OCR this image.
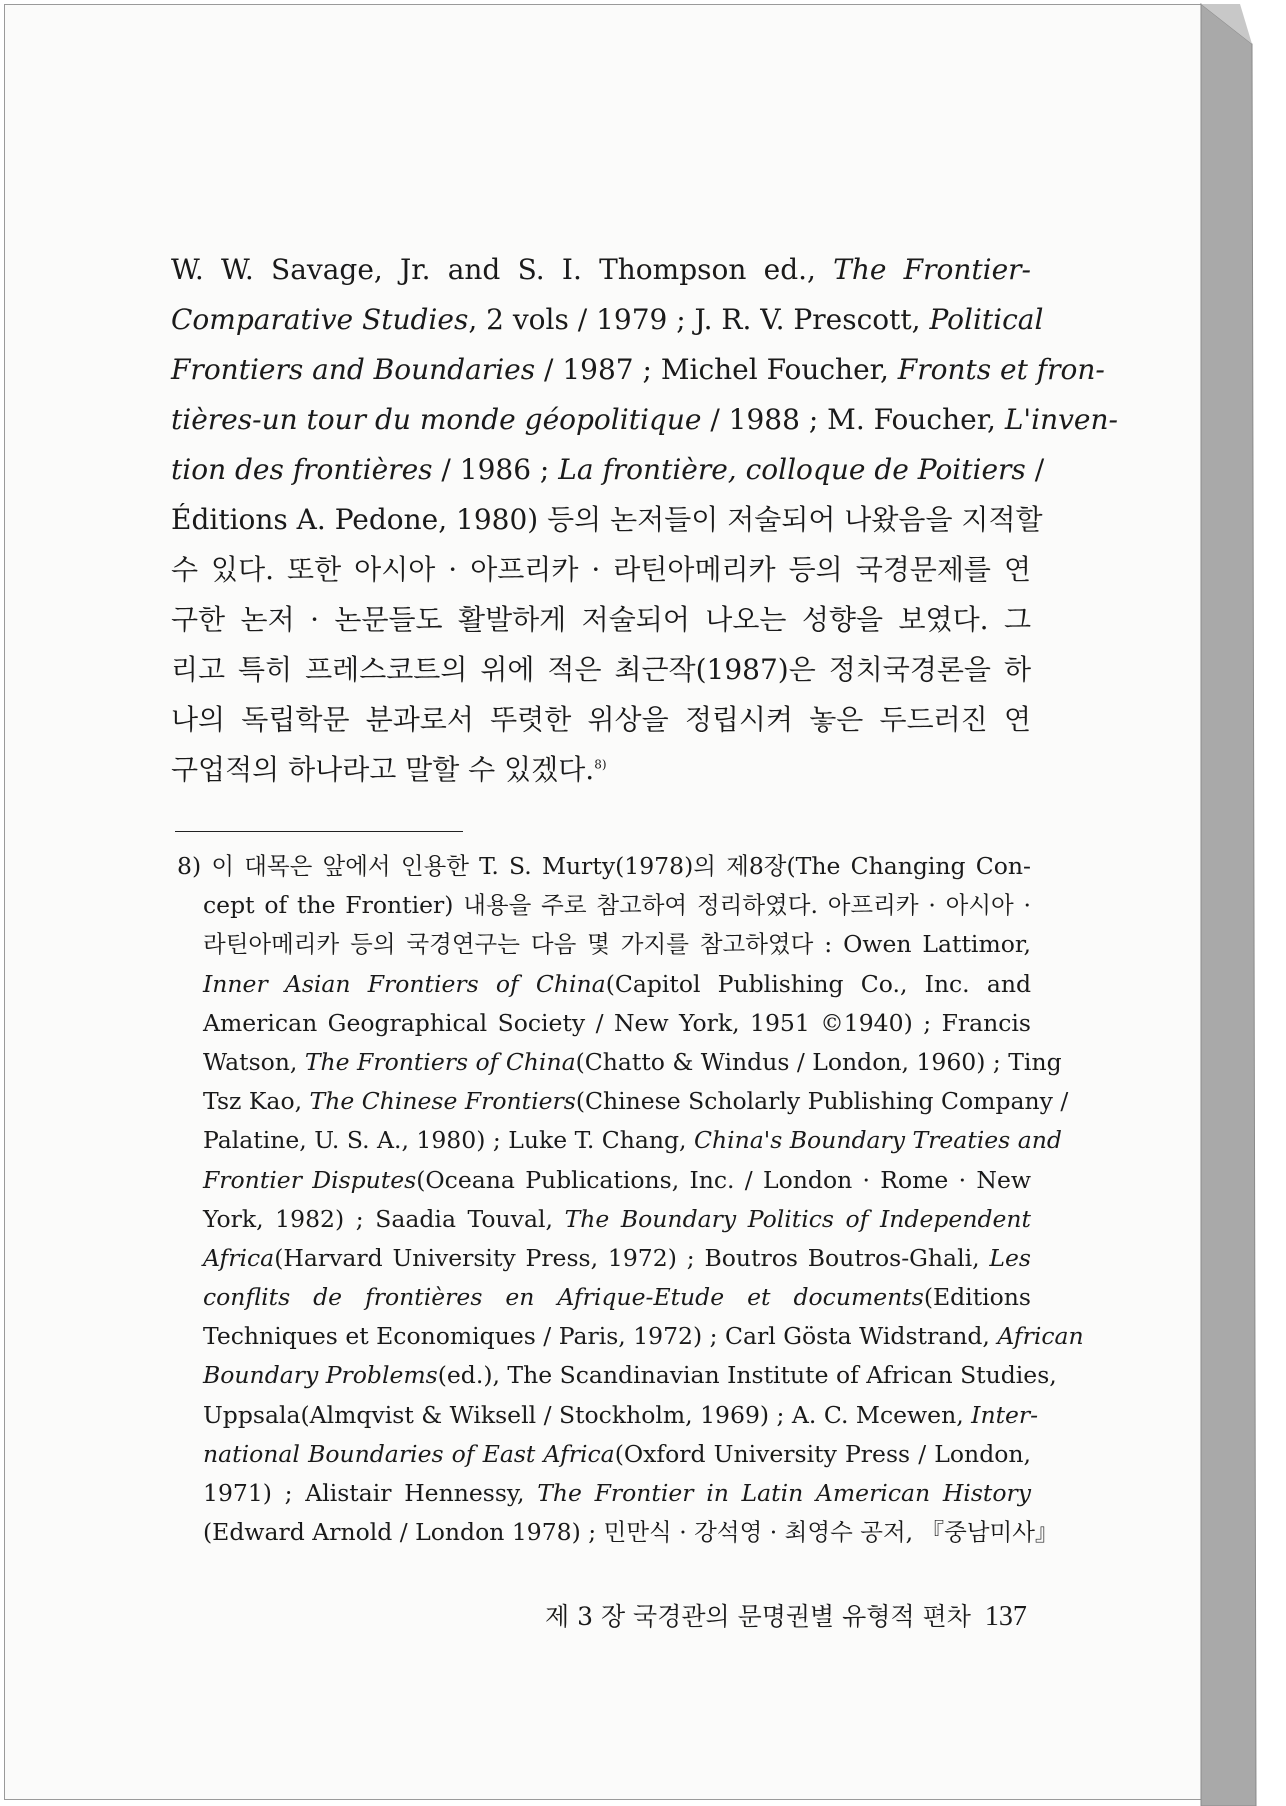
W. W. Savage, Jr. and S. I. Thompson ed., The Frontier-
Comparative Studies, 2 vols / 1979 ; J. R. V. Prescott, Political
Frontiers and Boundaries / 1987 ; Michel Foucher, Fronts et fron-
tières-un tour du monde géopolitique / 1988 ; M. Foucher, L'inven-
tion des frontières / 1986 ; La frontière, colloque de Poitiers /
Éditions A. Pedone, 1980) 등의 논저들이 저술되어 나왔음을 지적할
수 있다. 또한 아시아 · 아프리카 · 라틴아메리카 등의 국경문제를 연
구한 논저 · 논문들도 활발하게 저술되어 나오는 성향을 보였다. 그
리고 특히 프레스코트의 위에 적은 최근작(1987)은 정치국경론을 하
나의 독립학문 분과로서 뚜렷한 위상을 정립시켜 놓은 두드러진 연
구업적의 하나라고 말할 수 있겠다.$^{8)}$
8) 이 대목은 앞에서 인용한 T. S. Murty(1978)의 제8장(The Changing Con-
cept of the Frontier) 내용을 주로 참고하여 정리하였다. 아프리카 · 아시아 ·
라틴아메리카 등의 국경연구는 다음 몇 가지를 참고하였다 : Owen Lattimor,
Inner Asian Frontiers of China(Capitol Publishing Co., Inc. and
American Geographical Society / New York, 1951 ©1940) ; Francis
Watson, The Frontiers of China(Chatto & Windus / London, 1960) ; Ting
Tsz Kao, The Chinese Frontiers(Chinese Scholarly Publishing Company /
Palatine, U. S. A., 1980) ; Luke T. Chang, China's Boundary Treaties and
Frontier Disputes(Oceana Publications, Inc. / London · Rome · New
York, 1982) ; Saadia Touval, The Boundary Politics of Independent
Africa(Harvard University Press, 1972) ; Boutros Boutros-Ghali, Les
conflits de frontières en Afrique-Etude et documents(Editions
Techniques et Economiques / Paris, 1972) ; Carl Gösta Widstrand, African
Boundary Problems(ed.), The Scandinavian Institute of African Studies,
Uppsala(Almqvist & Wiksell / Stockholm, 1969) ; A. C. Mcewen, Inter-
national Boundaries of East Africa(Oxford University Press / London,
1971) ; Alistair Hennessy, The Frontier in Latin American History
(Edward Arnold / London 1978) ; 민만식 · 강석영 · 최영수 공저, 『중남미사』
제 3 장 국경관의 문명권별 유형적 편차 137
